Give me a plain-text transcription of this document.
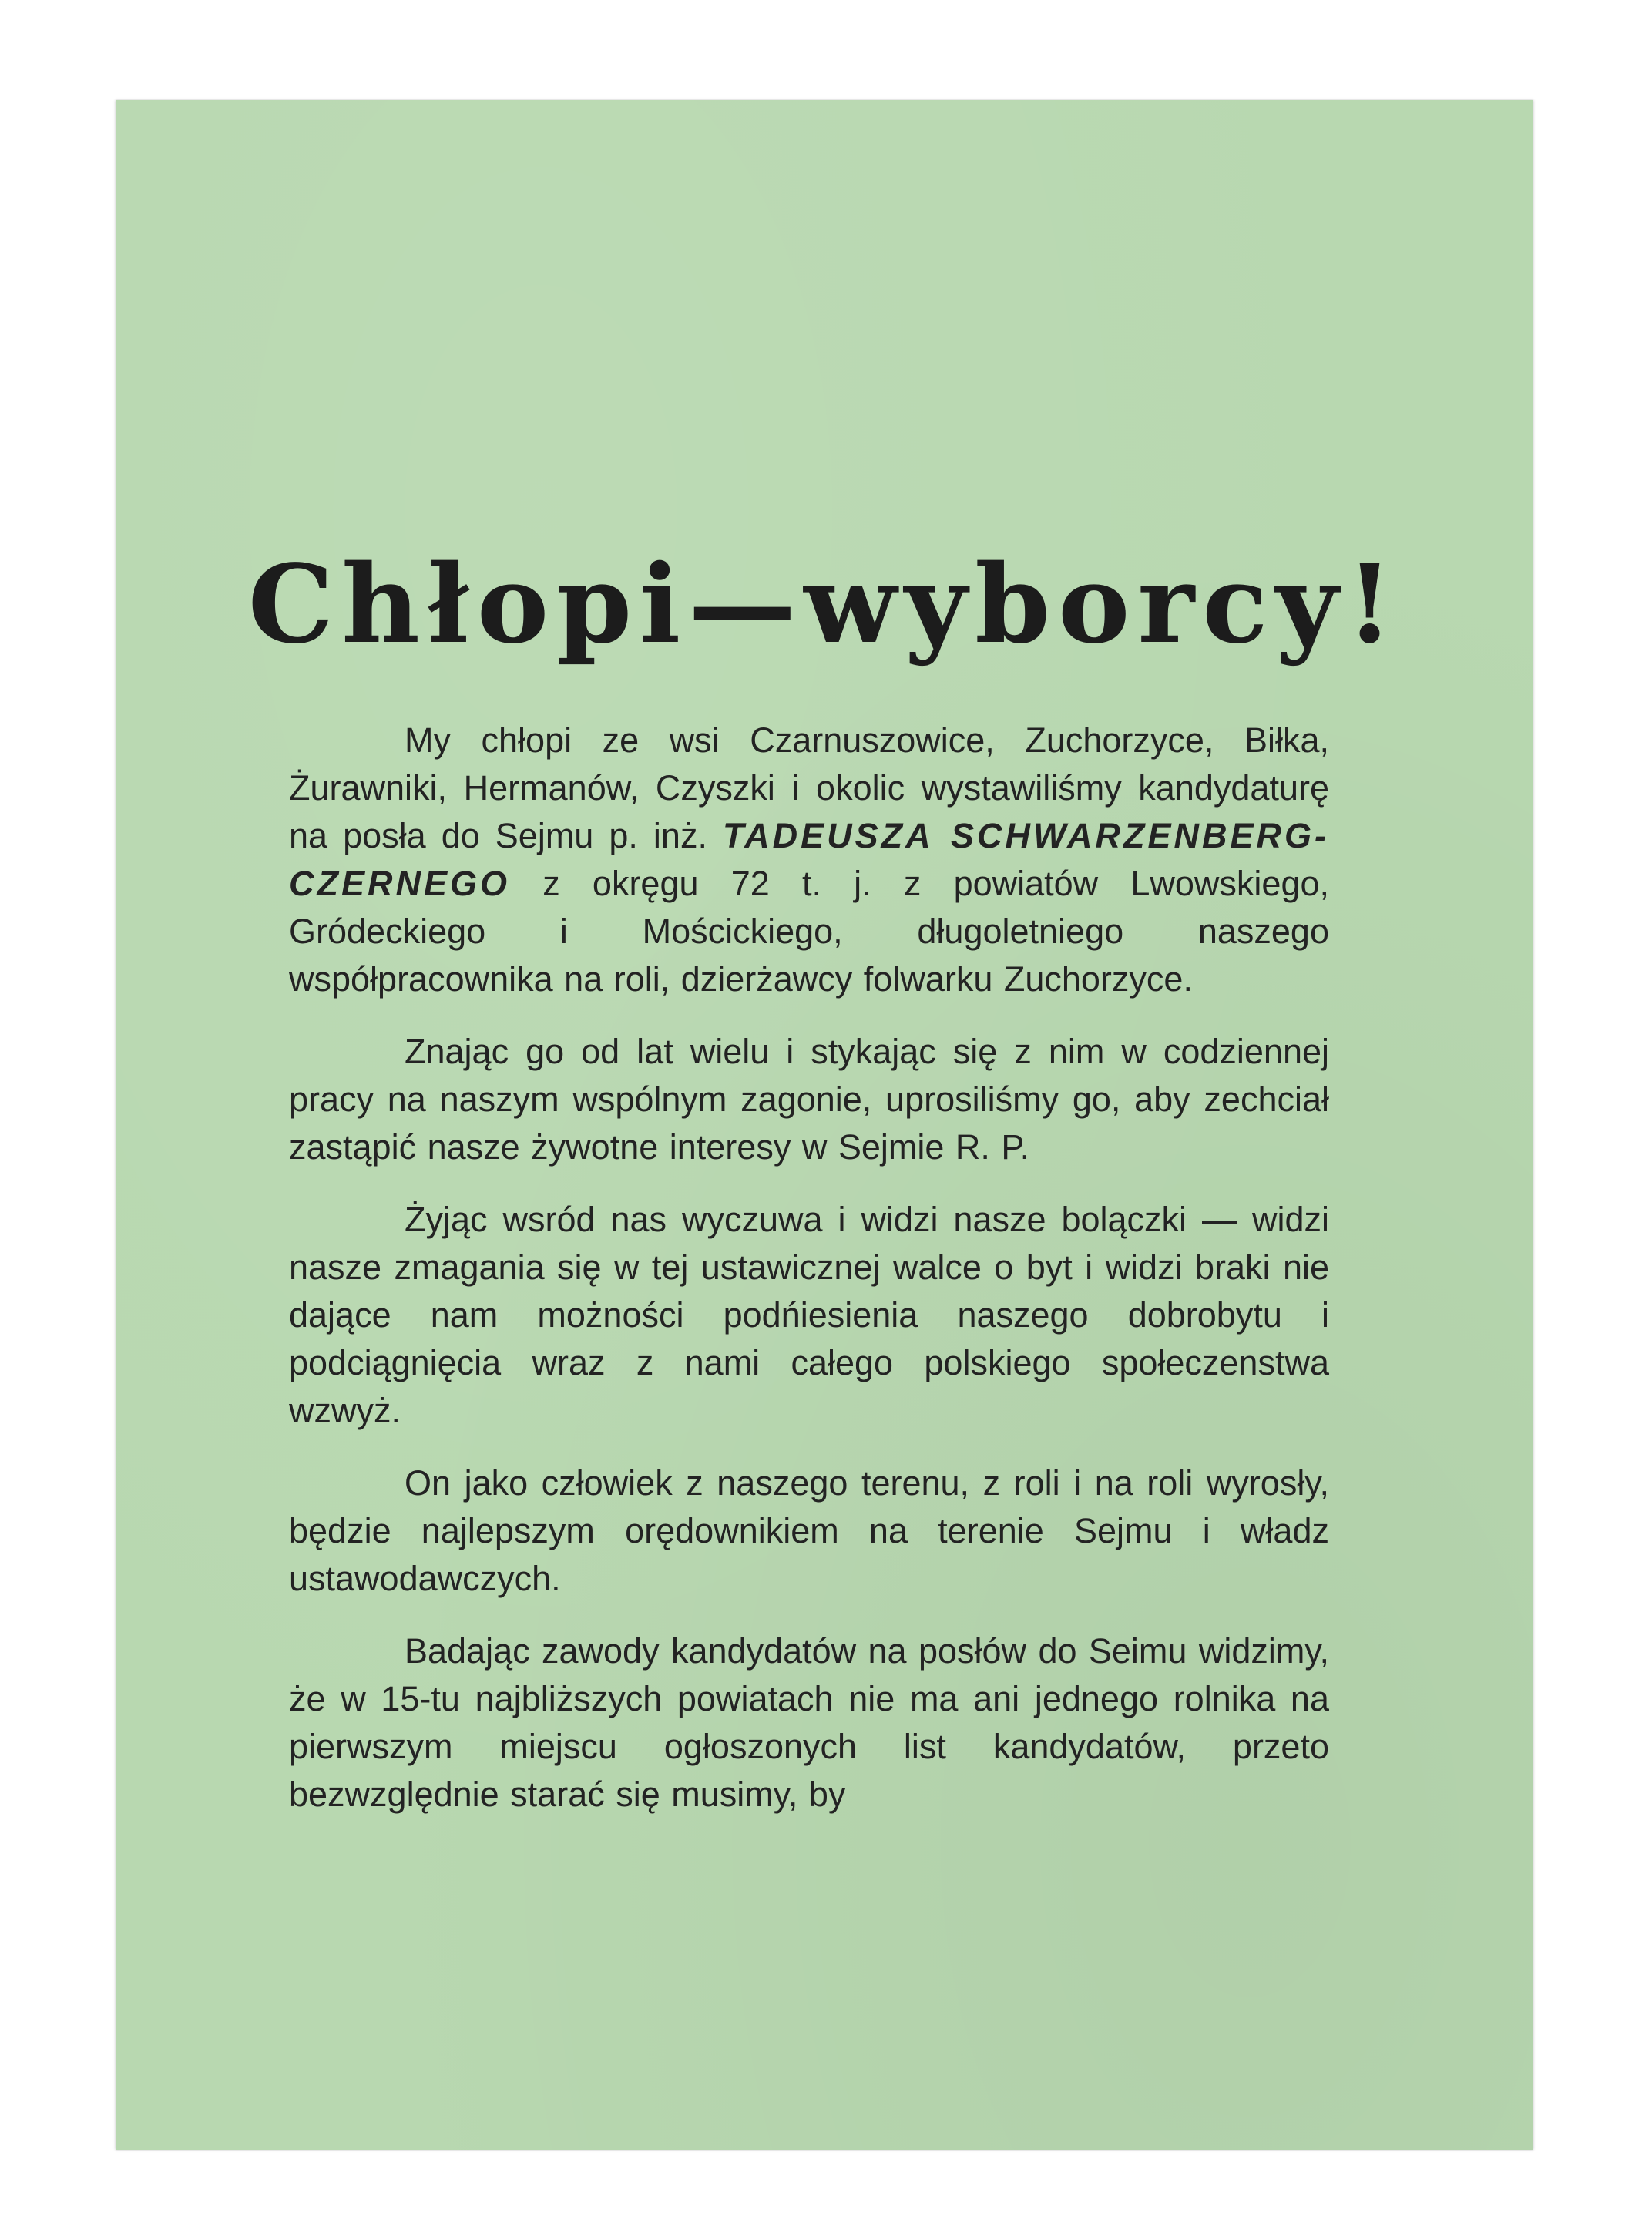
Chłopi—wyborcy!

My chłopi ze wsi Czarnuszowice, Zuchorzyce, Biłka, Żurawniki, Hermanów, Czyszki i okolic wystawiliśmy kandydaturę na posła do Sejmu p. inż. TADEUSZA SCHWARZENBERG-CZERNEGO z okręgu 72 t. j. z powiatów Lwowskiego, Gródeckiego i Mościckiego, długoletniego naszego współpracownika na roli, dzierżawcy folwarku Zuchorzyce.

Znając go od lat wielu i stykając się z nim w codziennej pracy na naszym wspólnym zagonie, uprosiliśmy go, aby zechciał zastąpić nasze żywotne interesy w Sejmie R. P.

Żyjąc wsród nas wyczuwa i widzi nasze bolączki — widzi nasze zmagania się w tej ustawicznej walce o byt i widzi braki nie dające nam możności podńiesienia naszego dobrobytu i podciągnięcia wraz z nami całego polskiego społeczenstwa wzwyż.

On jako człowiek z naszego terenu, z roli i na roli wyrosły, będzie najlepszym orędownikiem na terenie Sejmu i władz ustawodawczych.

Badając zawody kandydatów na posłów do Seimu widzimy, że w 15-tu najbliższych powiatach nie ma ani jednego rolnika na pierwszym miejscu ogłoszonych list kandydatów, przeto bezwzględnie starać się musimy, by
